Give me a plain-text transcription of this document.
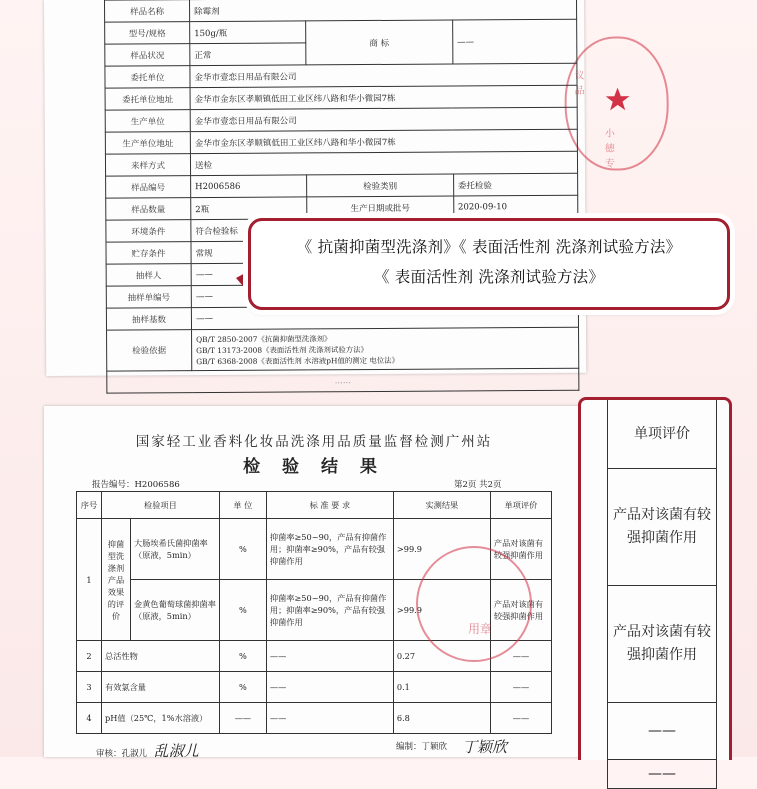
议品
小德专
样品名称	除霉剂		
型号/规格	150g/瓶	商 标	——
样品状况	正常		
委托单位	金华市壹恋日用品有限公司		
委托单位地址	金华市金东区孝顺镇低田工业区纬八路和华小微园7栋		
生产单位	金华市壹恋日用品有限公司		
生产单位地址	金华市金东区孝顺镇低田工业区纬八路和华小微园7栋		
来样方式	送检		
样品编号	H2006586	检验类别	委托检验
样品数量	2瓶	生产日期或批号	2020-09-10
环境条件	符合检验标		
贮存条件	常规		
抽样人	——		
抽样单编号	——		
抽样基数	——		
检验依据	QB/T 2850-2007《抗菌抑菌型洗涤剂》
GB/T 13173-2008《表面活性剂 洗涤剂试验方法》
GB/T 6368-2008《表面活性剂 水溶液pH值的测定 电位法》		

......			
《 抗菌抑菌型洗涤剂》《 表面活性剂 洗涤剂试验方法》
《 表面活性剂 洗涤剂试验方法》
国家轻工业香料化妆品洗涤用品质量监督检测广州站
检 验 结 果
报告编号：H2006586	第2页 共2页
序号	检验项目		单 位	标 准 要 求	实测结果	单项评价
1	抑菌型洗涤剂产品效果的评价	大肠埃希氏菌抑菌率（原液，5min）	%	抑菌率≥50~90，产品有抑菌作用；抑菌率≥90%，产品有较强抑菌作用	>99.9	产品对该菌有较强抑菌作用
		金黄色葡萄球菌抑菌率（原液，5min）	%	抑菌率≥50~90，产品有抑菌作用；抑菌率≥90%，产品有较强抑菌作用	>99.9	产品对该菌有较强抑菌作用
2	总活性物		%	——	0.27	——
3	有效氯含量		%	——	0.1	——
4	pH值（25℃，1%水溶液）		——	——	6.8	——
用章
审核：孔淑儿 乱淑儿	编制：丁颖欣 丁颖欣
单项评价
产品对该菌有较强抑菌作用
产品对该菌有较强抑菌作用
——
——
